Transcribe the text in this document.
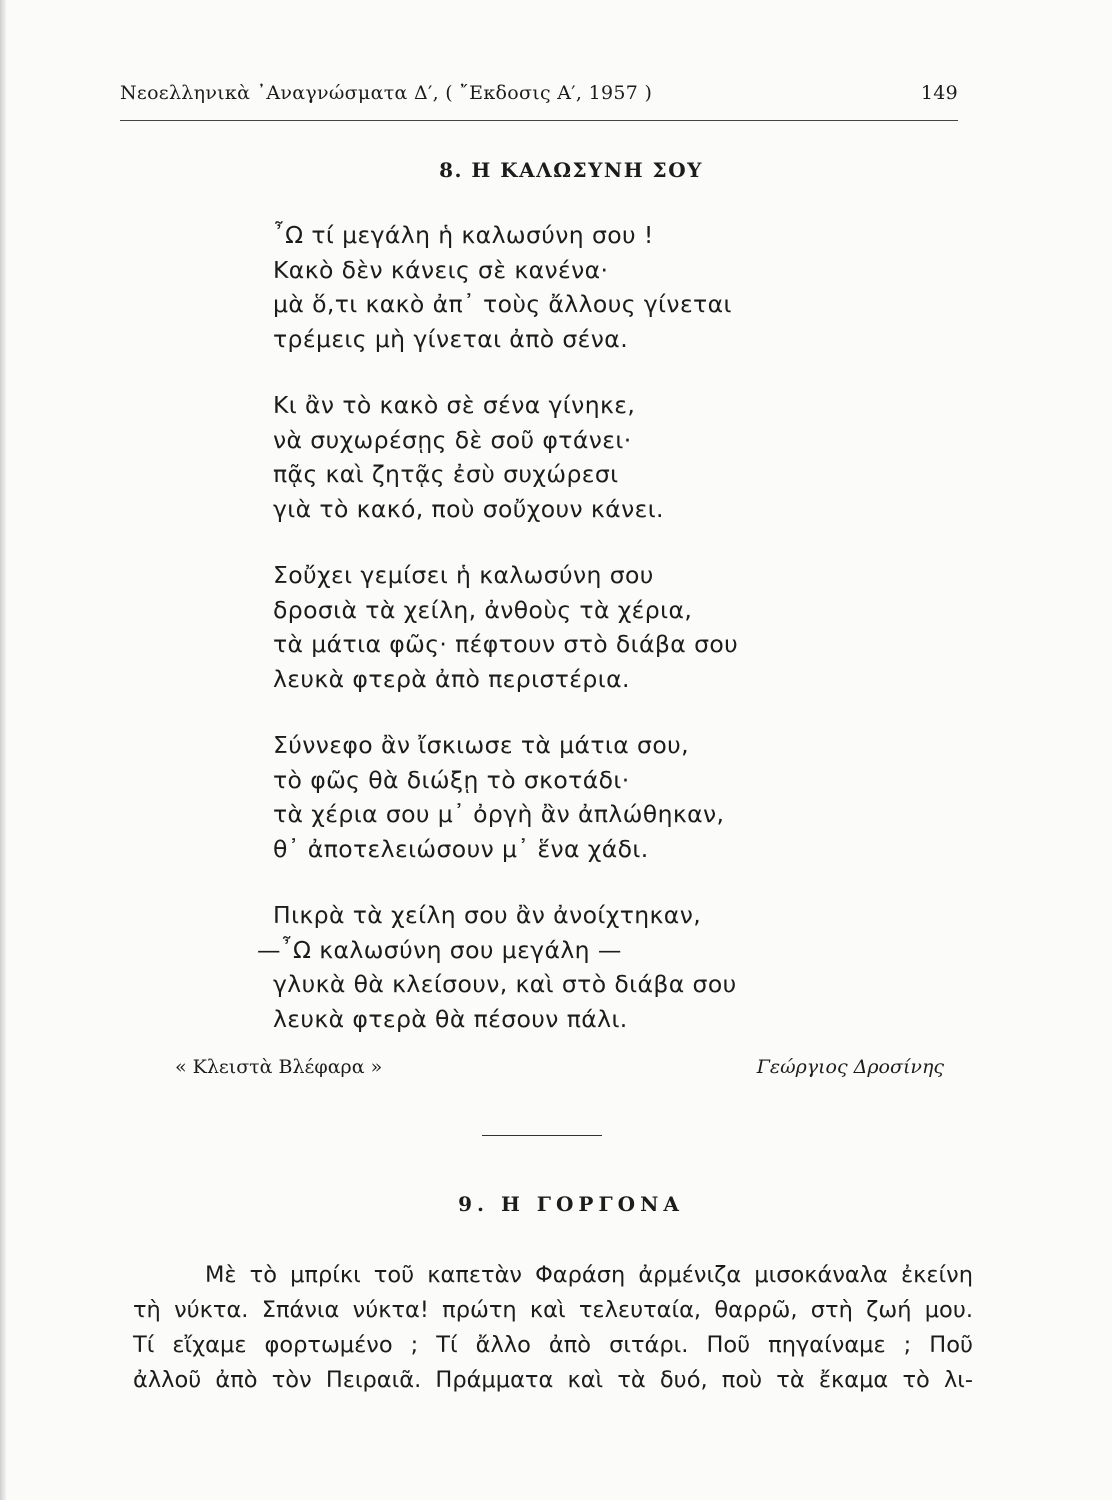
Νεοελληνικὰ ᾽Αναγνώσματα Δ′, ( ῎Εκδοσις Α′, 1957 )	149
8. Η ΚΑΛΩΣΥΝΗ ΣΟΥ
῏Ω τί μεγάλη ἡ καλωσύνη σου !
Κακὸ δὲν κάνεις σὲ κανένα·
μὰ ὅ,τι κακὸ ἀπ᾽ τοὺς ἄλλους γίνεται
τρέμεις μὴ γίνεται ἀπὸ σένα.
Κι ἂν τὸ κακὸ σὲ σένα γίνηκε,
νὰ συχωρέσῃς δὲ σοῦ φτάνει·
πᾷς καὶ ζητᾷς ἐσὺ συχώρεσι
γιὰ τὸ κακό, ποὺ σοὔχουν κάνει.
Σοὔχει γεμίσει ἡ καλωσύνη σου
δροσιὰ τὰ χείλη, ἀνθοὺς τὰ χέρια,
τὰ μάτια φῶς· πέφτουν στὸ διάβα σου
λευκὰ φτερὰ ἀπὸ περιστέρια.
Σύννεφο ἂν ἴσκιωσε τὰ μάτια σου,
τὸ φῶς θὰ διώξῃ τὸ σκοτάδι·
τὰ χέρια σου μ᾽ ὀργὴ ἂν ἀπλώθηκαν,
θ᾽ ἀποτελειώσουν μ᾽ ἕνα χάδι.
Πικρὰ τὰ χείλη σου ἂν ἀνοίχτηκαν,
—῏Ω καλωσύνη σου μεγάλη —
γλυκὰ θὰ κλείσουν, καὶ στὸ διάβα σου
λευκὰ φτερὰ θὰ πέσουν πάλι.
« Κλειστὰ Βλέφαρα »	Γεώργιος Δροσίνης
9. Η ΓΟΡΓΟΝΑ
Μὲ τὸ μπρίκι τοῦ καπετὰν Φαράση ἀρμένιζα μισοκάναλα ἐκείνη
τὴ νύκτα. Σπάνια νύκτα! πρώτη καὶ τελευταία, θαρρῶ, στὴ ζωή μου.
Τί εἴχαμε φορτωμένο ; Τί ἄλλο ἀπὸ σιτάρι. Ποῦ πηγαίναμε ; Ποῦ
ἀλλοῦ ἀπὸ τὸν Πειραιᾶ. Πράμματα καὶ τὰ δυό, ποὺ τὰ ἔκαμα τὸ λι-
